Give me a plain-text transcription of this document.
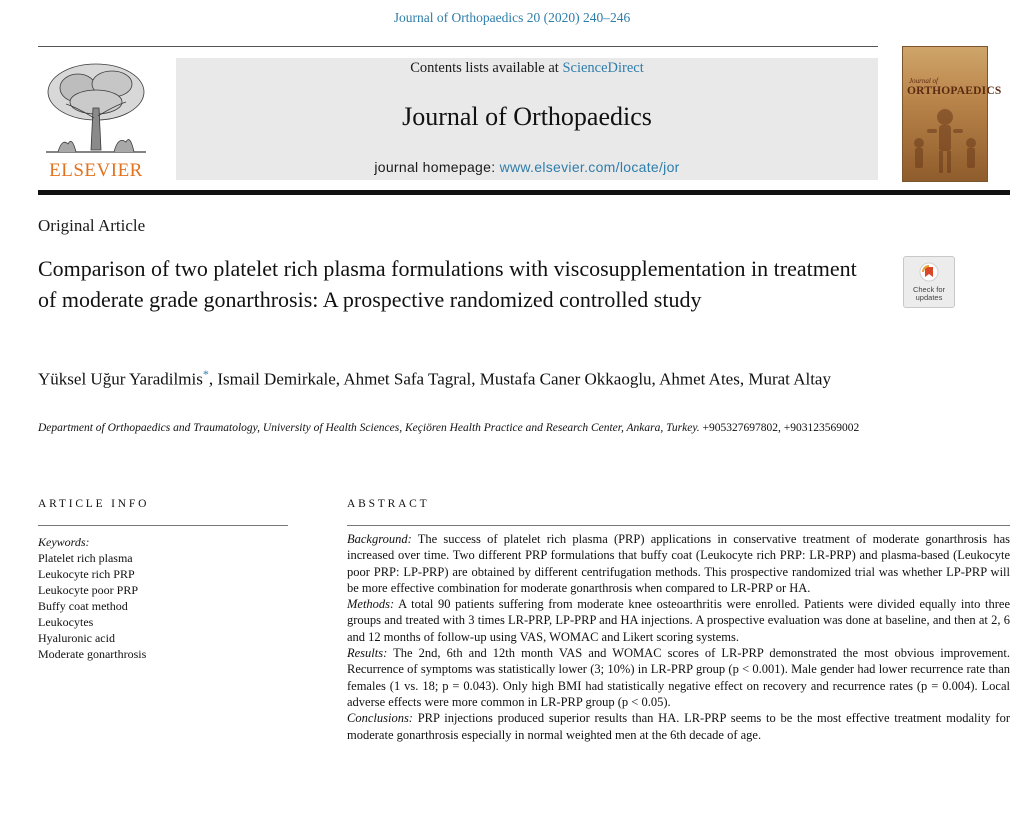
Journal of Orthopaedics 20 (2020) 240–246
ELSEVIER
Contents lists available at ScienceDirect
Journal of Orthopaedics
journal homepage: www.elsevier.com/locate/jor
Journal of
ORTHOPAEDICS
Original Article
Comparison of two platelet rich plasma formulations with viscosupplementation in treatment of moderate grade gonarthrosis: A prospective randomized controlled study	Check for
updates
Yüksel Uğur Yaradilmis*, Ismail Demirkale, Ahmet Safa Tagral, Mustafa Caner Okkaoglu, Ahmet Ates, Murat Altay
Department of Orthopaedics and Traumatology, University of Health Sciences, Keçiören Health Practice and Research Center, Ankara, Turkey. +905327697802, +903123569002
ARTICLE INFO
Keywords:
Platelet rich plasma
Leukocyte rich PRP
Leukocyte poor PRP
Buffy coat method
Leukocytes
Hyaluronic acid
Moderate gonarthrosis
ABSTRACT

Background: The success of platelet rich plasma (PRP) applications in conservative treatment of moderate gonarthrosis has increased over time. Two different PRP formulations that buffy coat (Leukocyte rich PRP: LR-PRP) and plasma-based (Leukocyte poor PRP: LP-PRP) are obtained by different centrifugation methods. This prospective randomized trial was whether LP-PRP will be more effective combination for moderate gonarthrosis when compared to LR-PRP or HA.

Methods: A total 90 patients suffering from moderate knee osteoarthritis were enrolled. Patients were divided equally into three groups and treated with 3 times LR-PRP, LP-PRP and HA injections. A prospective evaluation was done at baseline, and then at 2, 6 and 12 months of follow-up using VAS, WOMAC and Likert scoring systems.

Results: The 2nd, 6th and 12th month VAS and WOMAC scores of LR-PRP demonstrated the most obvious improvement. Recurrence of symptoms was statistically lower (3; 10%) in LR-PRP group (p < 0.001). Male gender had lower recurrence rate than females (1 vs. 18; p = 0.043). Only high BMI had statistically negative effect on recovery and recurrence rates (p = 0.004). Local adverse effects were more common in LR-PRP group (p < 0.05).

Conclusions: PRP injections produced superior results than HA. LR-PRP seems to be the most effective treatment modality for moderate gonarthrosis especially in normal weighted men at the 6th decade of age.
